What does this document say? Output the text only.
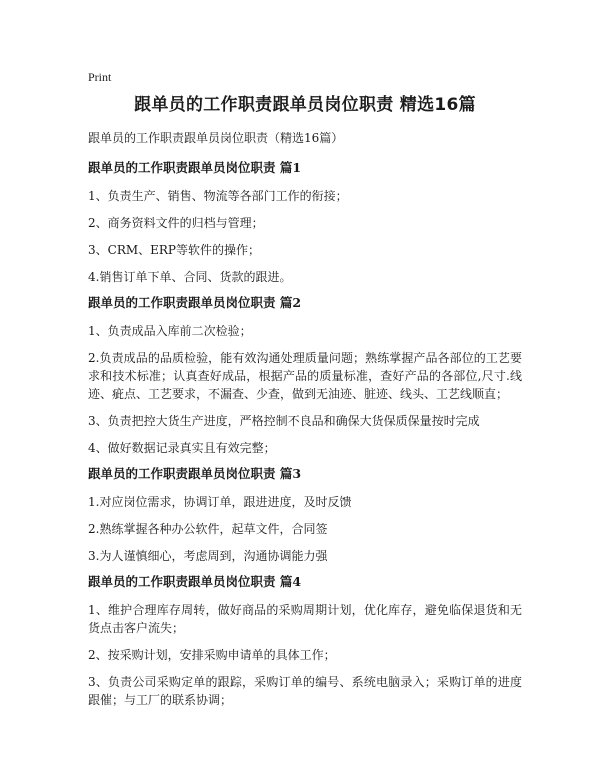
Print
跟单员的工作职责跟单员岗位职责 精选16篇
跟单员的工作职责跟单员岗位职责（精选16篇）
跟单员的工作职责跟单员岗位职责 篇1

1、负责生产、销售、物流等各部门工作的衔接；

2、商务资料文件的归档与管理；

3、CRM、ERP等软件的操作；

4.销售订单下单、合同、货款的跟进。

跟单员的工作职责跟单员岗位职责 篇2

1、负责成品入库前二次检验；

2.负责成品的品质检验，能有效沟通处理质量问题；熟练掌握产品各部位的工艺要求和技术标准；认真查好成品，根据产品的质量标准，查好产品的各部位,尺寸.线迹、疵点、工艺要求，不漏查、少查，做到无油迹、脏迹、线头、工艺线顺直；

3、负责把控大货生产进度，严格控制不良品和确保大货保质保量按时完成

4、做好数据记录真实且有效完整；

跟单员的工作职责跟单员岗位职责 篇3

1.对应岗位需求，协调订单，跟进进度，及时反馈

2.熟练掌握各种办公软件，起草文件，合同签

3.为人谨慎细心，考虑周到，沟通协调能力强

跟单员的工作职责跟单员岗位职责 篇4

1、维护合理库存周转，做好商品的采购周期计划，优化库存，避免临保退货和无货点击客户流失；

2、按采购计划，安排采购申请单的具体工作；

3、负责公司采购定单的跟踪，采购订单的编号、系统电脑录入；采购订单的进度跟催；与工厂的联系协调；
